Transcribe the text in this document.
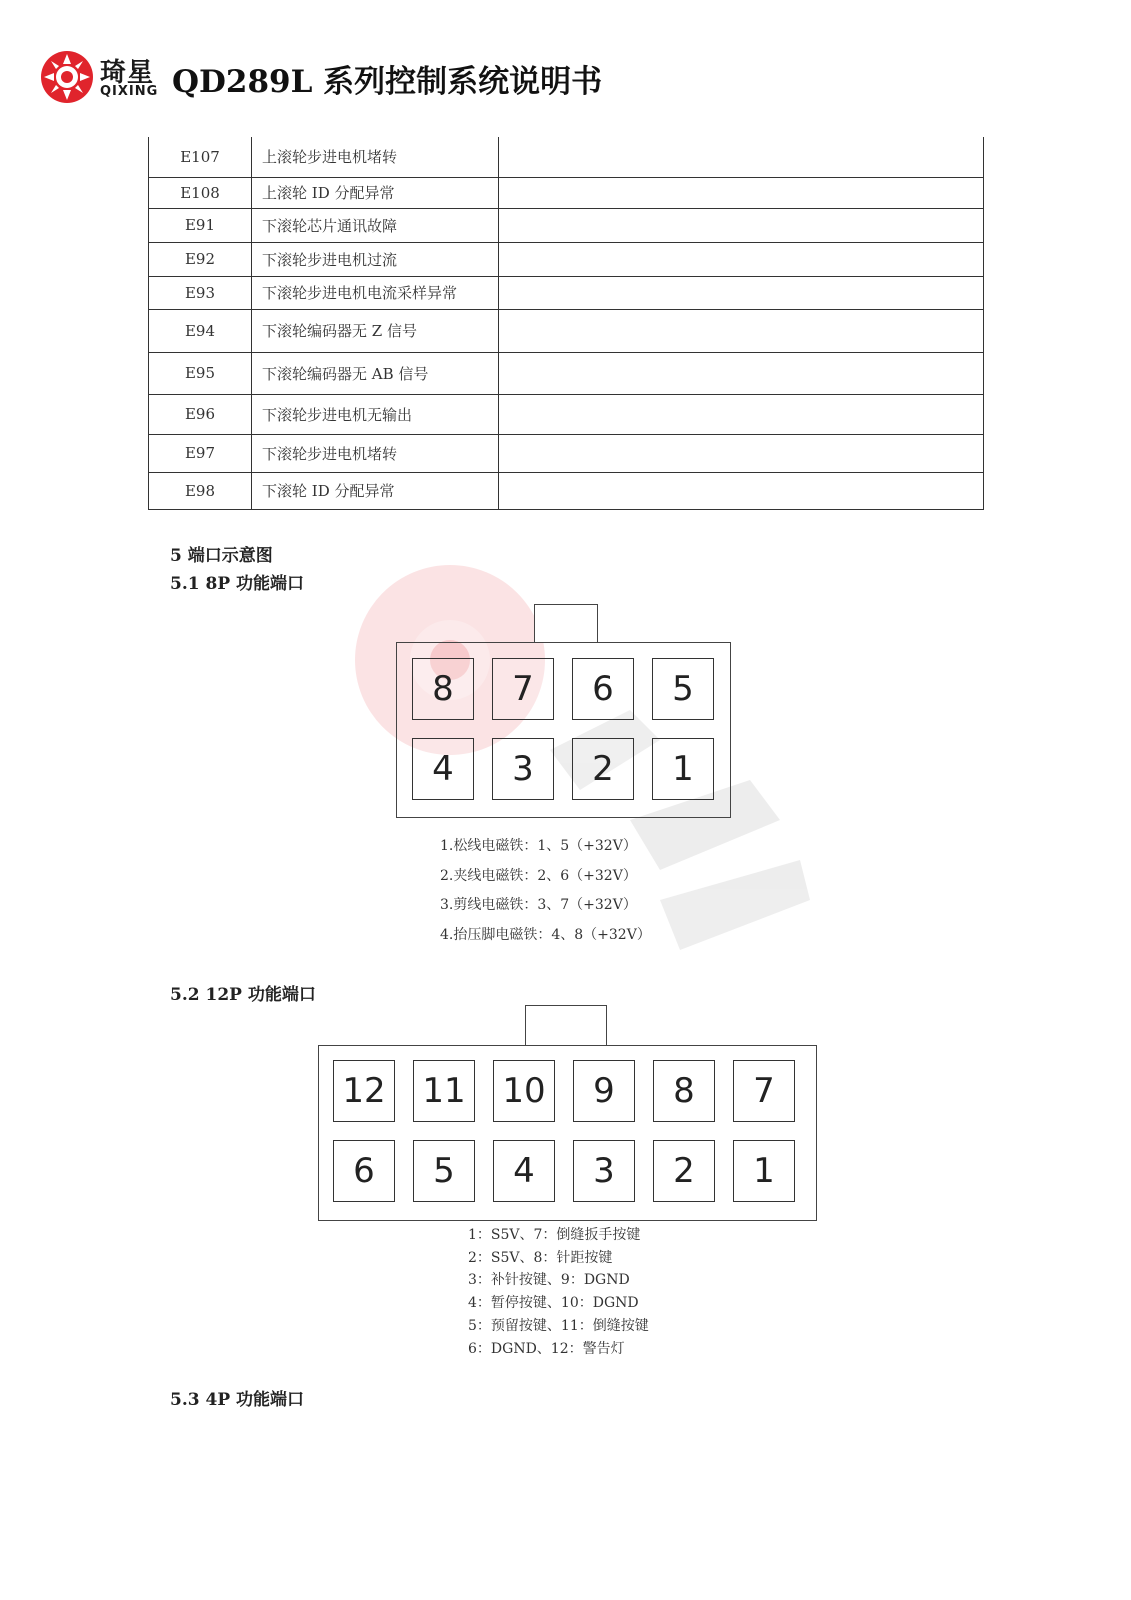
琦星
QIXING QD289L 系列控制系统说明书
E107	上滚轮步进电机堵转	
E108	上滚轮 ID 分配异常	
E91	下滚轮芯片通讯故障	
E92	下滚轮步进电机过流	
E93	下滚轮步进电机电流采样异常	
E94	下滚轮编码器无 Z 信号	
E95	下滚轮编码器无 AB 信号	
E96	下滚轮步进电机无输出	
E97	下滚轮步进电机堵转	
E98	下滚轮 ID 分配异常	
5 端口示意图
5.1 8P 功能端口
8	7	6	5
4	3	2	1
1.松线电磁铁：1、5（+32V）
2.夹线电磁铁：2、6（+32V）
3.剪线电磁铁：3、7（+32V）
4.抬压脚电磁铁：4、8（+32V）
5.2 12P 功能端口
12 11 10	9	8	7
6	5	4	3	2	1
1：S5V、7：倒缝扳手按键
2：S5V、8：针距按键
3：补针按键、9：DGND
4：暂停按键、10：DGND
5：预留按键、11：倒缝按键
6：DGND、12：警告灯
5.3 4P 功能端口
